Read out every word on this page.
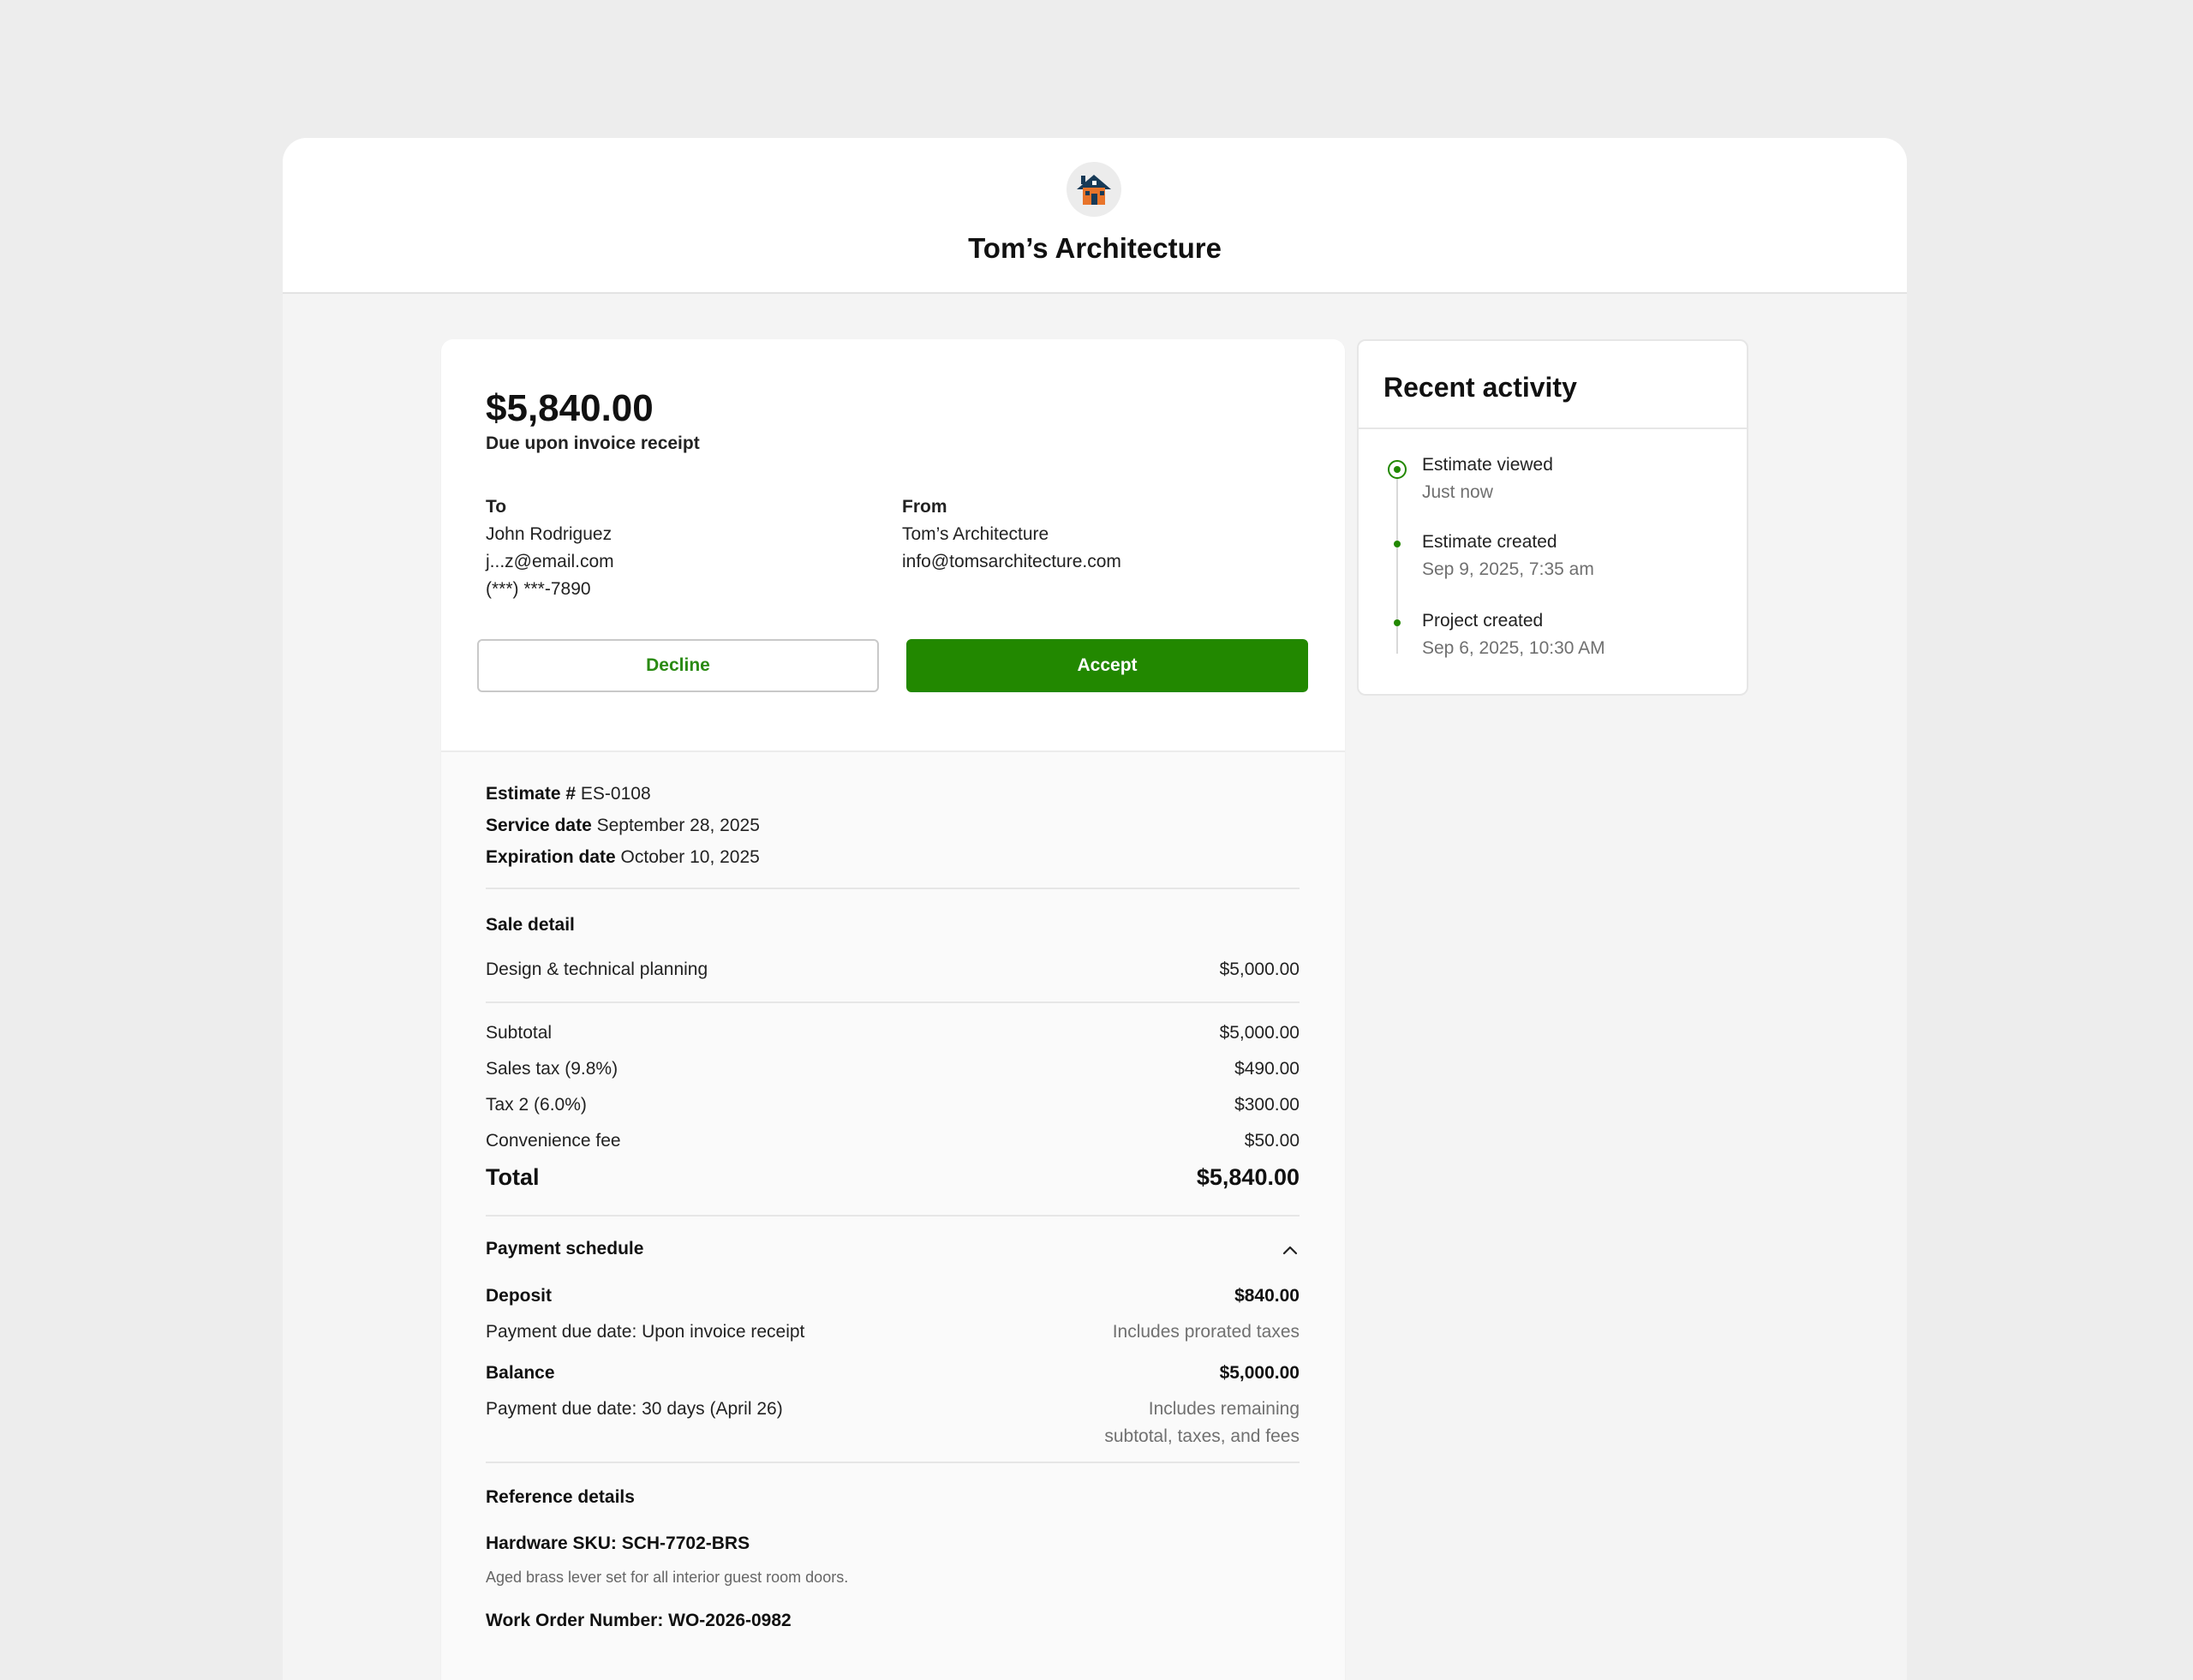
Tom’s Architecture
$5,840.00
Due upon invoice receipt
To
John Rodriguez
j...z@email.com
(***) ***-7890
From
Tom’s Architecture
info@tomsarchitecture.com
Decline	Accept
Estimate # ES-0108
Service date September 28, 2025
Expiration date October 10, 2025
Sale detail
Design & technical planning	$5,000.00
Subtotal	$5,000.00
Sales tax (9.8%)	$490.00
Tax 2 (6.0%)	$300.00
Convenience fee	$50.00
Total	$5,840.00
Payment schedule
Deposit	$840.00
Payment due date: Upon invoice receipt	Includes prorated taxes
Balance	$5,000.00
Payment due date: 30 days (April 26)	Includes remaining
subtotal, taxes, and fees
Reference details
Hardware SKU: SCH-7702-BRS
Aged brass lever set for all interior guest room doors.
Work Order Number: WO-2026-0982
Recent activity
Estimate viewed
Just now
Estimate created
Sep 9, 2025, 7:35 am
Project created
Sep 6, 2025, 10:30 AM
